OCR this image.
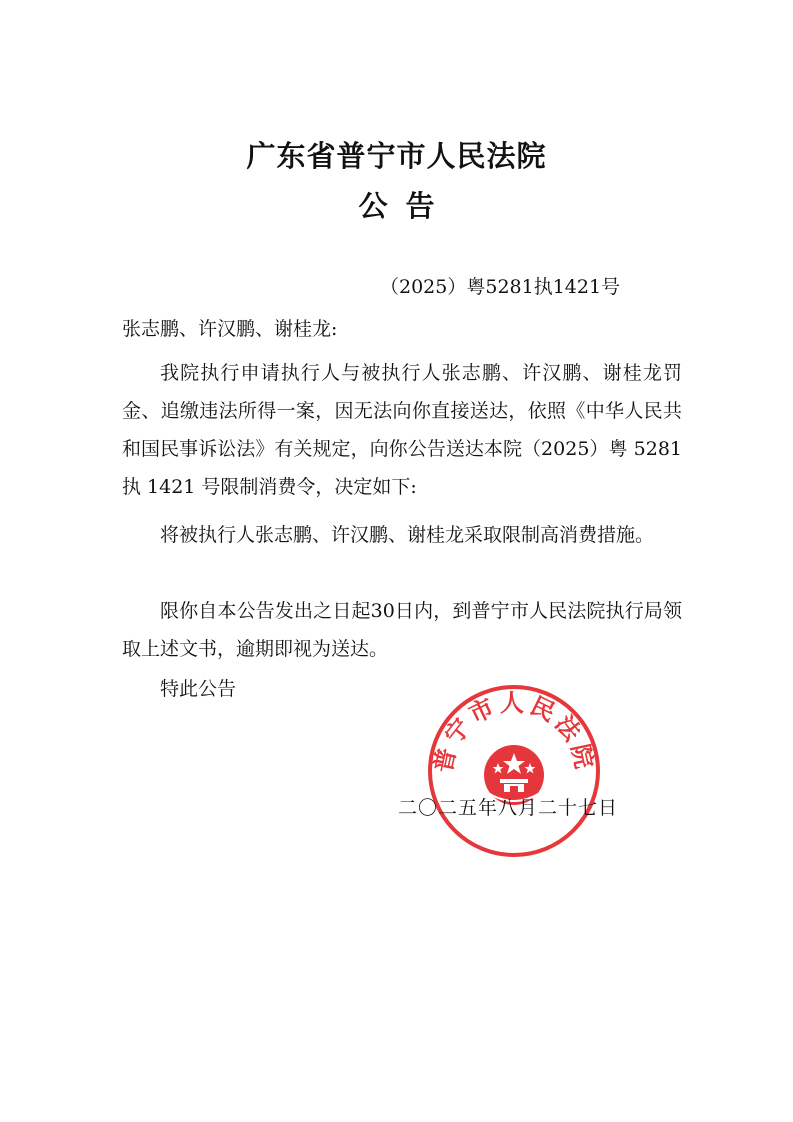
广东省普宁市人民法院
公告
（2025）粤5281执1421号
张志鹏、许汉鹏、谢桂龙:
我院执行申请执行人与被执行人张志鹏、许汉鹏、谢桂龙罚金、追缴违法所得一案，因无法向你直接送达，依照《中华人民共和国民事诉讼法》有关规定，向你公告送达本院（2025）粤 5281 执 1421 号限制消费令，决定如下:
将被执行人张志鹏、许汉鹏、谢桂龙采取限制高消费措施。
限你自本公告发出之日起30日内，到普宁市人民法院执行局领取上述文书，逾期即视为送达。
特此公告
普宁市人民法院
二〇二五年八月二十七日
